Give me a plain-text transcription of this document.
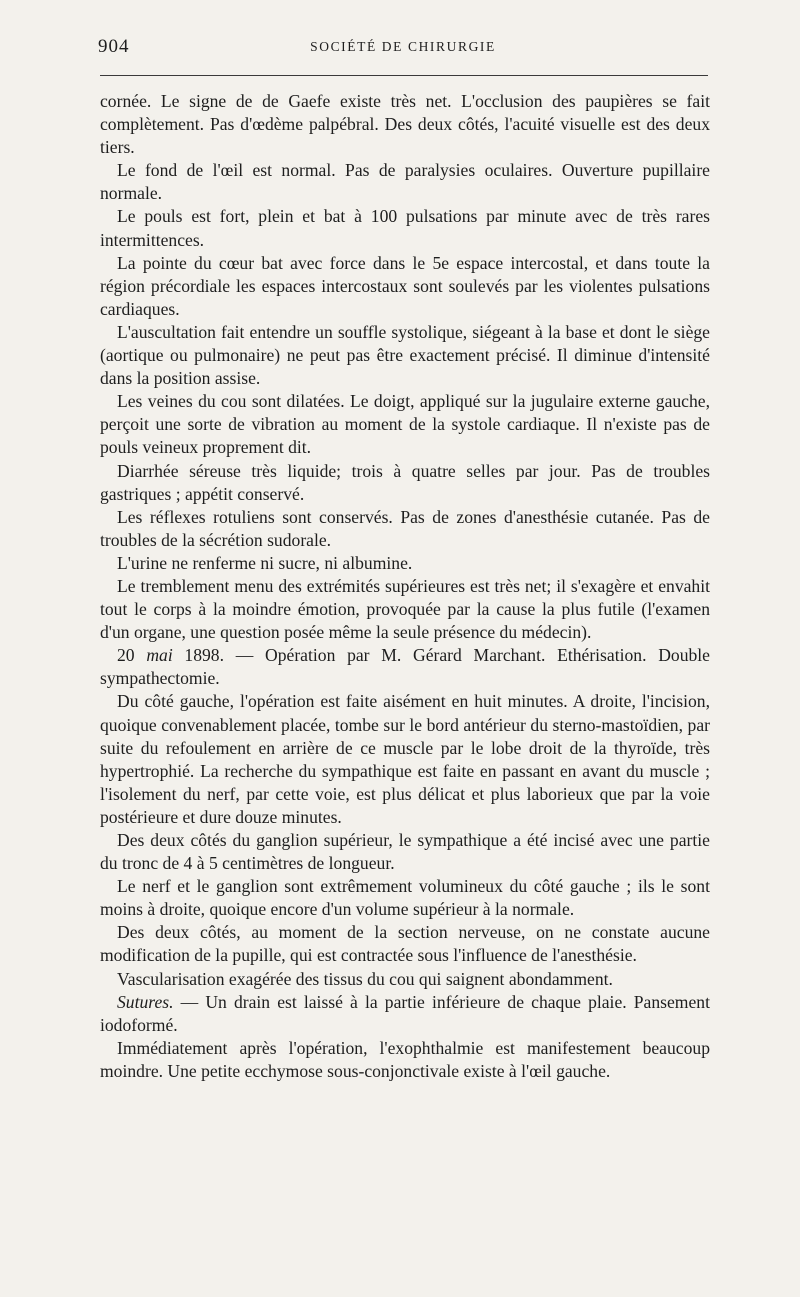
904	SOCIÉTÉ DE CHIRURGIE

cornée. Le signe de de Gaefe existe très net. L'occlusion des paupières se fait complètement. Pas d'œdème palpébral. Des deux côtés, l'acuité visuelle est des deux tiers.

Le fond de l'œil est normal. Pas de paralysies oculaires. Ouverture pupillaire normale.

Le pouls est fort, plein et bat à 100 pulsations par minute avec de très rares intermittences.

La pointe du cœur bat avec force dans le 5e espace intercostal, et dans toute la région précordiale les espaces intercostaux sont soulevés par les violentes pulsations cardiaques.

L'auscultation fait entendre un souffle systolique, siégeant à la base et dont le siège (aortique ou pulmonaire) ne peut pas être exactement précisé. Il diminue d'intensité dans la position assise.

Les veines du cou sont dilatées. Le doigt, appliqué sur la jugulaire externe gauche, perçoit une sorte de vibration au moment de la systole cardiaque. Il n'existe pas de pouls veineux proprement dit.

Diarrhée séreuse très liquide; trois à quatre selles par jour. Pas de troubles gastriques ; appétit conservé.

Les réflexes rotuliens sont conservés. Pas de zones d'anesthésie cutanée. Pas de troubles de la sécrétion sudorale.

L'urine ne renferme ni sucre, ni albumine.

Le tremblement menu des extrémités supérieures est très net; il s'exagère et envahit tout le corps à la moindre émotion, provoquée par la cause la plus futile (l'examen d'un organe, une question posée même la seule présence du médecin).

20 mai 1898. — Opération par M. Gérard Marchant. Ethérisation. Double sympathectomie.

Du côté gauche, l'opération est faite aisément en huit minutes. A droite, l'incision, quoique convenablement placée, tombe sur le bord antérieur du sterno-mastoïdien, par suite du refoulement en arrière de ce muscle par le lobe droit de la thyroïde, très hypertrophié. La recherche du sympathique est faite en passant en avant du muscle ; l'isolement du nerf, par cette voie, est plus délicat et plus laborieux que par la voie postérieure et dure douze minutes.

Des deux côtés du ganglion supérieur, le sympathique a été incisé avec une partie du tronc de 4 à 5 centimètres de longueur.

Le nerf et le ganglion sont extrêmement volumineux du côté gauche ; ils le sont moins à droite, quoique encore d'un volume supérieur à la normale.

Des deux côtés, au moment de la section nerveuse, on ne constate aucune modification de la pupille, qui est contractée sous l'influence de l'anesthésie.

Vascularisation exagérée des tissus du cou qui saignent abondamment.

Sutures. — Un drain est laissé à la partie inférieure de chaque plaie. Pansement iodoformé.

Immédiatement après l'opération, l'exophthalmie est manifestement beaucoup moindre. Une petite ecchymose sous-conjonctivale existe à l'œil gauche.
